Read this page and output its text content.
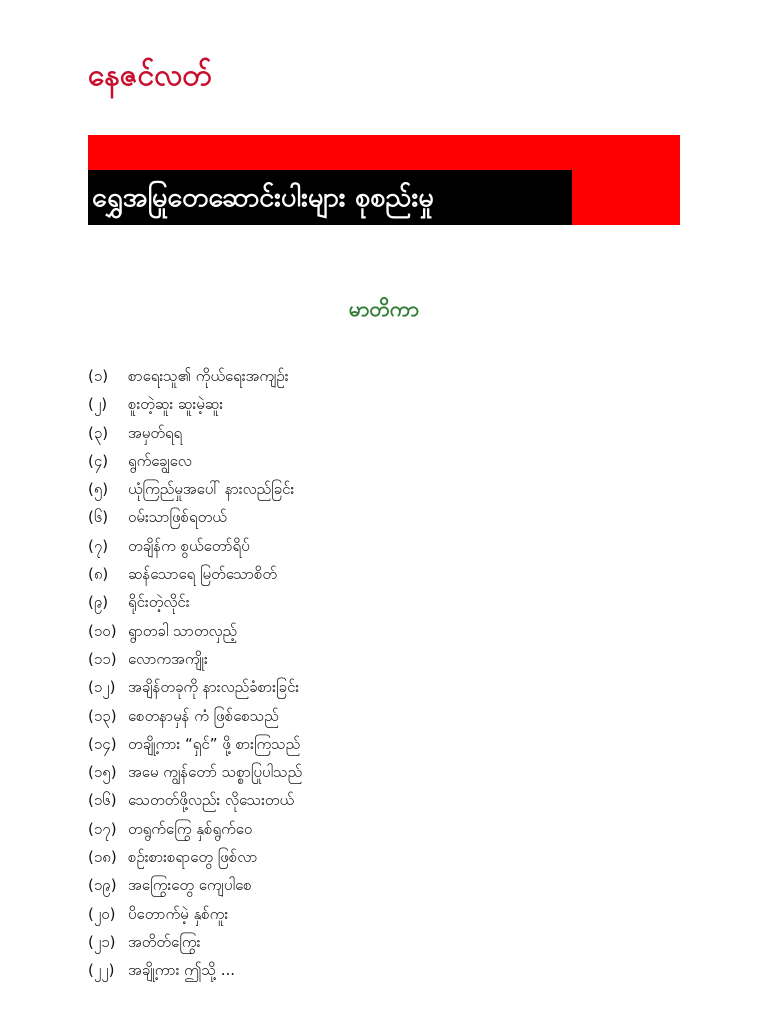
နေဇင်လတ်
ရွှေအမြုတေဆောင်းပါးများ စုစည်းမှု
မာတိကာ
(၁)	စာရေးသူ၏ ကိုယ်ရေးအကျဉ်း
(၂)	စူးတဲ့ဆူး ဆူးမဲ့ဆူး
(၃)	အမှတ်ရရ
(၄)	ရွက်ချွေလေ
(၅)	ယုံကြည်မှုအပေါ် နားလည်ခြင်း
(၆)	ဝမ်းသာဖြစ်ရတယ်
(၇)	တချိန်က စွယ်တော်ရိပ်
(၈)	ဆန်သောရေ မြတ်သောစိတ်
(၉)	ရိုင်းတဲ့လိုင်း
(၁၀) ရွာတခါ သာတလှည့်
(၁၁) လောကအကျိုး
(၁၂) အချိန်တခုကို နားလည်ခံစားခြင်း
(၁၃) စေတနာမှန် ကံ ဖြစ်စေသည်
(၁၄) တချို့ကား “ရှင်” ဖို့ စားကြသည်
(၁၅) အမေ ကျွန်တော် သစ္စာပြုပါသည်
(၁၆) သေတတ်ဖို့လည်း လိုသေးတယ်
(၁၇) တရွက်ကြွေ နှစ်ရွက်ဝေ
(၁၈) စဉ်းစားစရာတွေ ဖြစ်လာ
(၁၉) အကြွေးတွေ ကျေပါစေ
(၂၀) ပိတောက်မဲ့ နှစ်ကူး
(၂၁) အတိတ်ကြွေး
(၂၂) အချို့ကား ဤသို့ ...
